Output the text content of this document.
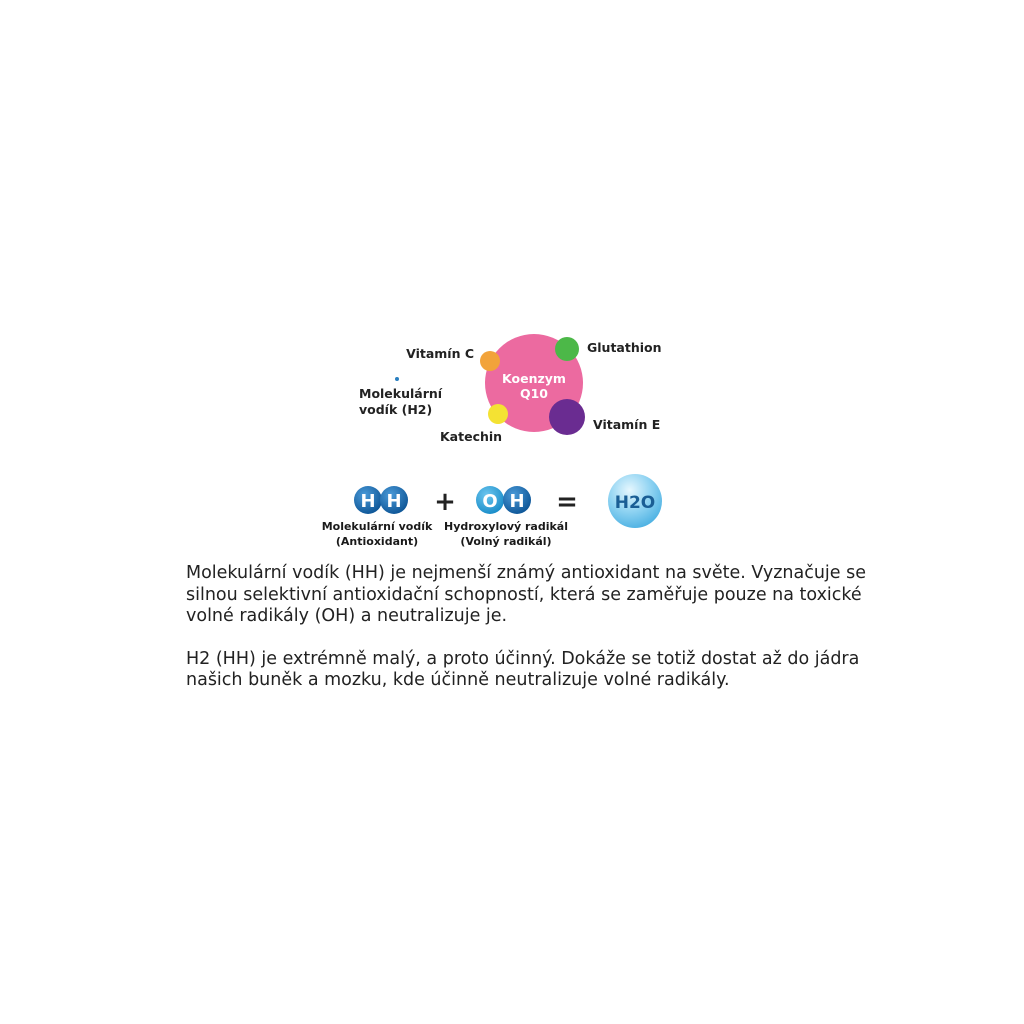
Koenzym
Q10
Vitamín C	Glutathion
Vitamín E
Katechin
Molekulární
vodík (H2)
H H
Molekulární vodík
(Antioxidant)
+ O H
Hydroxylový radikál
(Volný radikál)
= H2O

Molekulární vodík (HH) je nejmenší známý antioxidant na světe. Vyznačuje se silnou selektivní antioxidační schopností, která se zaměřuje pouze na toxické volné radikály (OH) a neutralizuje je.

H2 (HH) je extrémně malý, a proto účinný. Dokáže se totiž dostat až do jádra našich buněk a mozku, kde účinně neutralizuje volné radikály.
